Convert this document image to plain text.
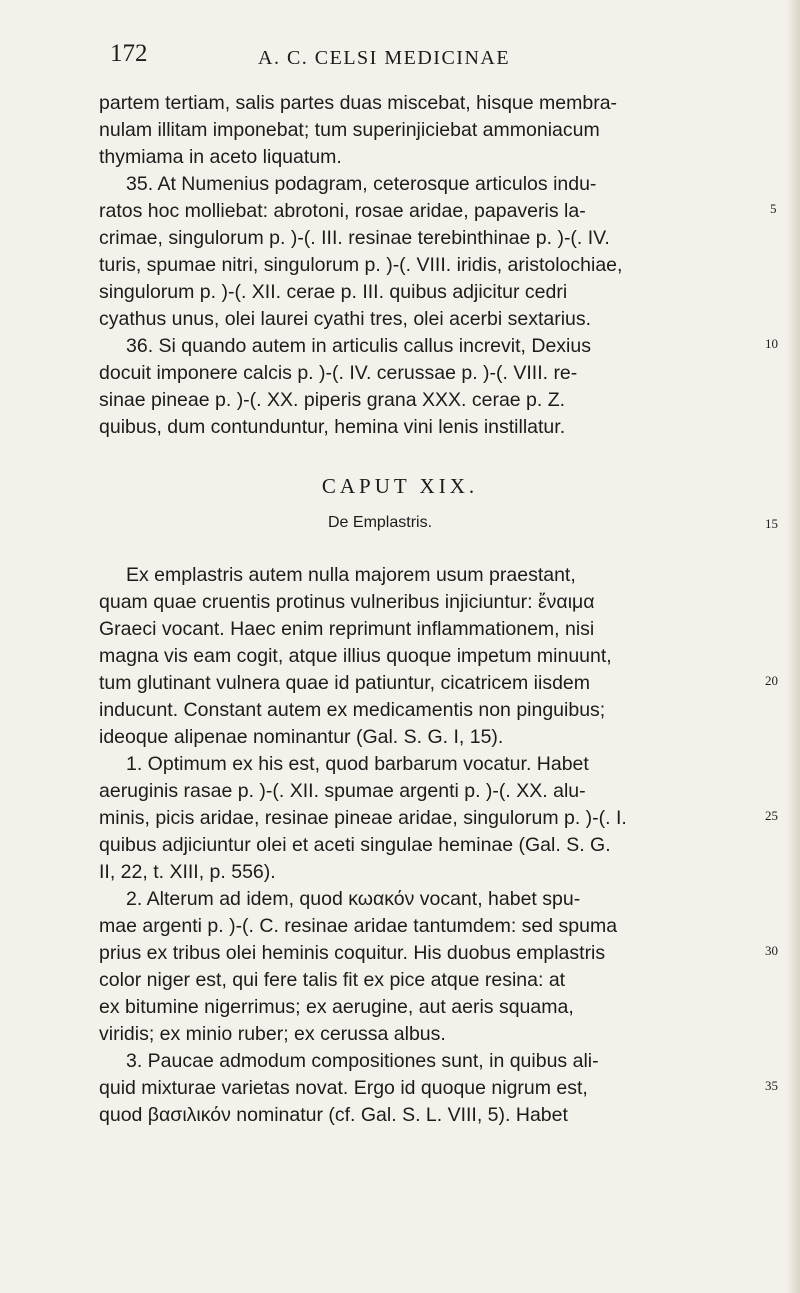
172	A. C. CELSI MEDICINAE
partem tertiam, salis partes duas miscebat, hisque membra-
nulam illitam imponebat; tum superinjiciebat ammoniacum
thymiama in aceto liquatum.
35. At Numenius podagram, ceterosque articulos indu-
ratos hoc molliebat: abrotoni, rosae aridae, papaveris la-	5
crimae, singulorum p. )-(. III. resinae terebinthinae p. )-(. IV.
turis, spumae nitri, singulorum p. )-(. VIII. iridis, aristolochiae,
singulorum p. )-(. XII. cerae p. III. quibus adjicitur cedri
cyathus unus, olei laurei cyathi tres, olei acerbi sextarius.
36. Si quando autem in articulis callus increvit, Dexius	10
docuit imponere calcis p. )-(. IV. cerussae p. )-(. VIII. re-
sinae pineae p. )-(. XX. piperis grana XXX. cerae p. Z.
quibus, dum contunduntur, hemina vini lenis instillatur.
CAPUT XIX.
De Emplastris.	15
Ex emplastris autem nulla majorem usum praestant,
quam quae cruentis protinus vulneribus injiciuntur: ἔναιμα
Graeci vocant. Haec enim reprimunt inflammationem, nisi
magna vis eam cogit, atque illius quoque impetum minuunt,
tum glutinant vulnera quae id patiuntur, cicatricem iisdem	20
inducunt. Constant autem ex medicamentis non pinguibus;
ideoque alipenae nominantur (Gal. S. G. I, 15).
1. Optimum ex his est, quod barbarum vocatur. Habet
aeruginis rasae p. )-(. XII. spumae argenti p. )-(. XX. alu-
minis, picis aridae, resinae pineae aridae, singulorum p. )-(. I.	25
quibus adjiciuntur olei et aceti singulae heminae (Gal. S. G.
II, 22, t. XIII, p. 556).
2. Alterum ad idem, quod κωακόν vocant, habet spu-
mae argenti p. )-(. C. resinae aridae tantumdem: sed spuma
prius ex tribus olei heminis coquitur. His duobus emplastris	30
color niger est, qui fere talis fit ex pice atque resina: at
ex bitumine nigerrimus; ex aerugine, aut aeris squama,
viridis; ex minio ruber; ex cerussa albus.
3. Paucae admodum compositiones sunt, in quibus ali-
quid mixturae varietas novat. Ergo id quoque nigrum est,	35
quod βασιλικόν nominatur (cf. Gal. S. L. VIII, 5). Habet
